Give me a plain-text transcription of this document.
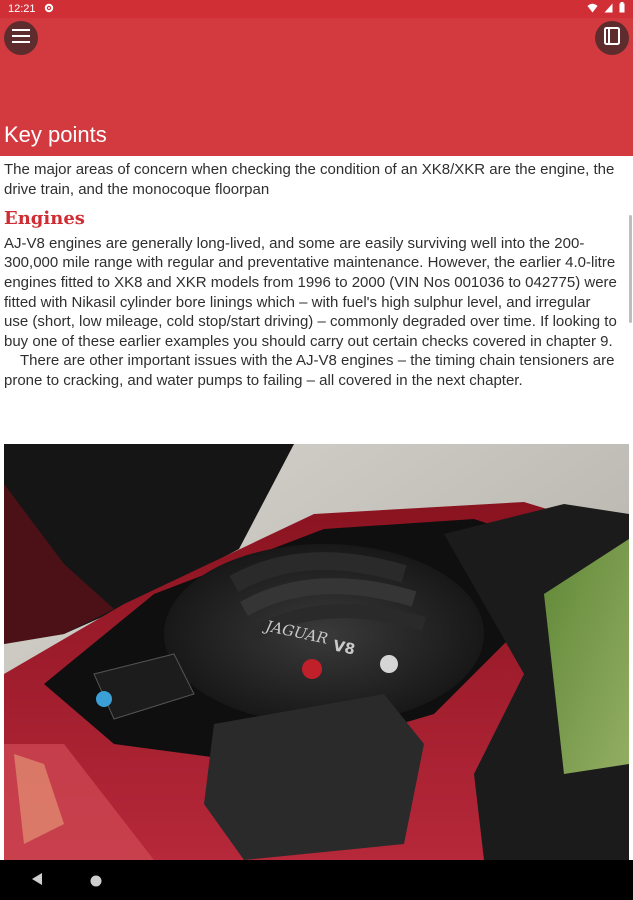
12:21
Key points

The major areas of concern when checking the condition of an XK8/XKR are the engine, the drive train, and the monocoque floorpan

Engines

AJ-V8 engines are generally long-lived, and some are easily surviving well into the 200-300,000 mile range with regular and preventative maintenance. However, the earlier 4.0-litre engines fitted to XK8 and XKR models from 1996 to 2000 (VIN Nos 001036 to 042775) were fitted with Nikasil cylinder bore linings which – with fuel's high sulphur level, and irregular use (short, low mileage, cold stop/start driving) – commonly degraded over time. If looking to buy one of these earlier examples you should carry out certain checks covered in chapter 9.

There are other important issues with the AJ-V8 engines – the timing chain tensioners are prone to cracking, and water pumps to failing – all covered in the next chapter.

JAGUAR V8
